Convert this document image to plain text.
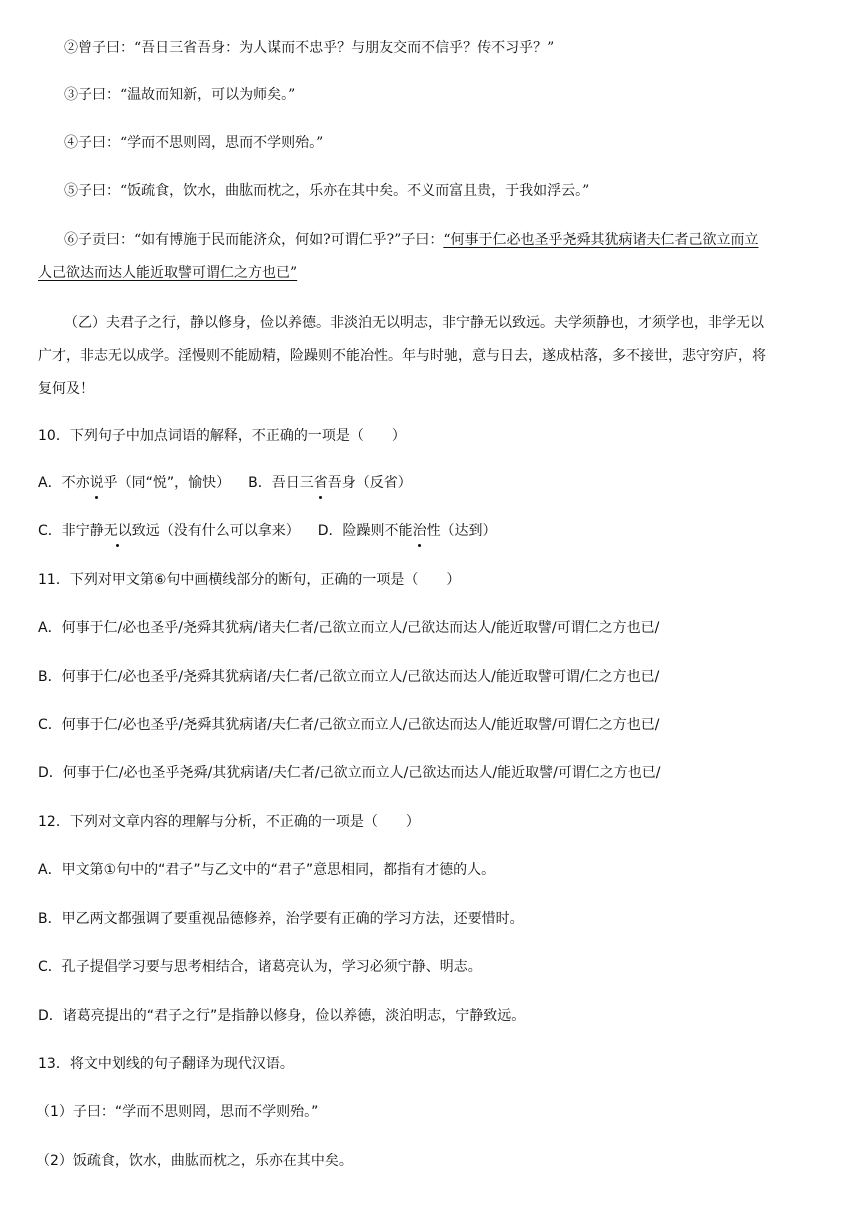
②曾子曰：“吾日三省吾身：为人谋而不忠乎？与朋友交而不信乎？传不习乎？”
③子曰：“温故而知新，可以为师矣。”
④子曰：“学而不思则罔，思而不学则殆。”
⑤子曰：“饭疏食，饮水，曲肱而枕之，乐亦在其中矣。不义而富且贵，于我如浮云。”
⑥子贡曰：“如有博施于民而能济众，何如?可谓仁乎?”子曰：“何事于仁必也圣乎尧舜其犹病诸夫仁者己欲立而立
人己欲达而达人能近取譬可谓仁之方也已”
（乙）夫君子之行，静以修身，俭以养德。非淡泊无以明志，非宁静无以致远。夫学须静也，才须学也，非学无以
广才，非志无以成学。淫慢则不能励精，险躁则不能冶性。年与时驰，意与日去，遂成枯落，多不接世，悲守穷庐，将
复何及！
10．下列句子中加点词语的解释，不正确的一项是（　　）
A．不亦说乎（同“悦”，愉快） B．吾日三省吾身（反省）
C．非宁静无以致远（没有什么可以拿来） D．险躁则不能治性（达到）
11．下列对甲文第⑥句中画横线部分的断句，正确的一项是（　　）
A．何事于仁/必也圣乎/尧舜其犹病/诸夫仁者/己欲立而立人/己欲达而达人/能近取譬/可谓仁之方也已/
B．何事于仁/必也圣乎/尧舜其犹病诸/夫仁者/己欲立而立人/己欲达而达人/能近取譬可谓/仁之方也已/
C．何事于仁/必也圣乎/尧舜其犹病诸/夫仁者/己欲立而立人/己欲达而达人/能近取譬/可谓仁之方也已/
D．何事于仁/必也圣乎尧舜/其犹病诸/夫仁者/己欲立而立人/己欲达而达人/能近取譬/可谓仁之方也已/
12．下列对文章内容的理解与分析，不正确的一项是（　　）
A．甲文第①句中的“君子”与乙文中的“君子”意思相同，都指有才德的人。
B．甲乙两文都强调了要重视品德修养，治学要有正确的学习方法，还要惜时。
C．孔子提倡学习要与思考相结合，诸葛亮认为，学习必须宁静、明志。
D．诸葛亮提出的“君子之行”是指静以修身，俭以养德，淡泊明志，宁静致远。
13．将文中划线的句子翻译为现代汉语。
（1）子曰：“学而不思则罔，思而不学则殆。”
（2）饭疏食，饮水，曲肱而枕之，乐亦在其中矣。
